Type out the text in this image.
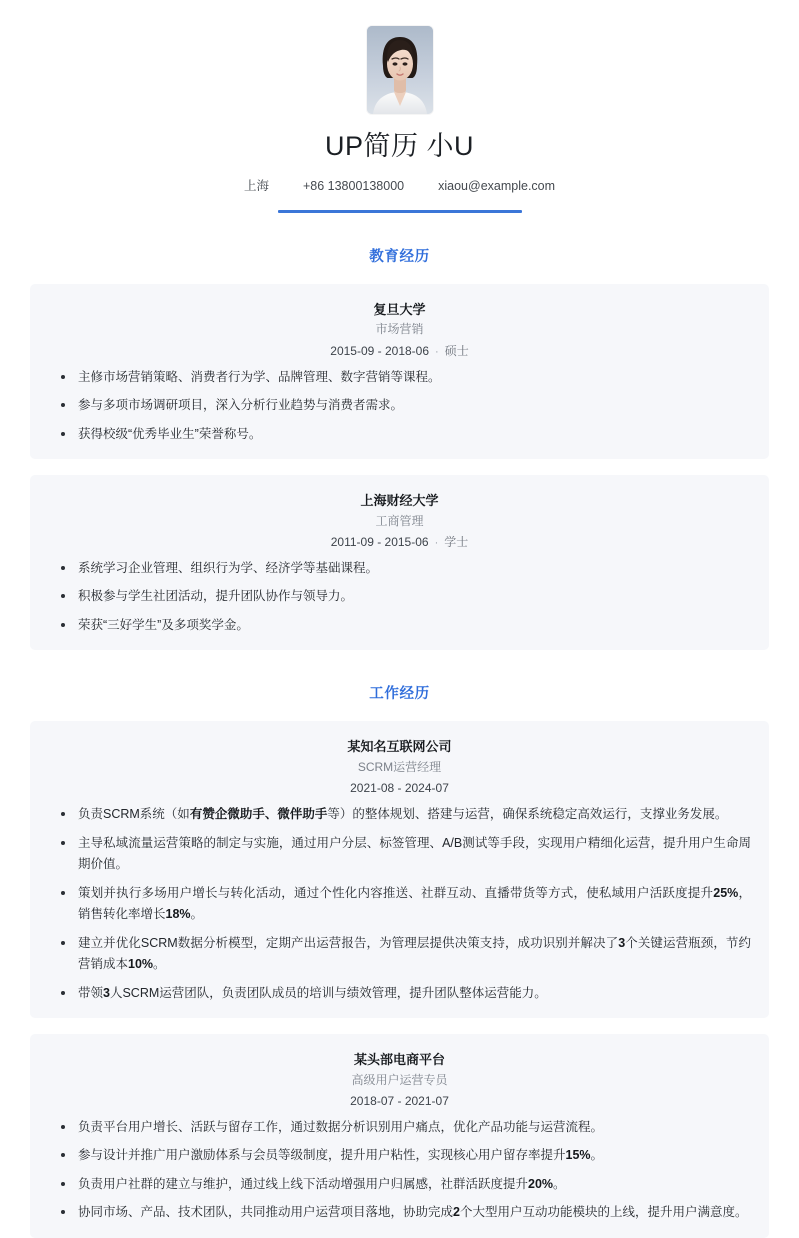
UP简历 小U
上海	+86 13800138000	xiaou@example.com
教育经历
复旦大学
市场营销
2015-09 - 2018-06 · 硕士
主修市场营销策略、消费者行为学、品牌管理、数字营销等课程。
参与多项市场调研项目，深入分析行业趋势与消费者需求。
获得校级“优秀毕业生”荣誉称号。
上海财经大学
工商管理
2011-09 - 2015-06 · 学士
系统学习企业管理、组织行为学、经济学等基础课程。
积极参与学生社团活动，提升团队协作与领导力。
荣获“三好学生”及多项奖学金。
工作经历
某知名互联网公司
SCRM运营经理
2021-08 - 2024-07
负责SCRM系统（如有赞企微助手、微伴助手等）的整体规划、搭建与运营，确保系统稳定高效运行，支撑业务发展。
主导私域流量运营策略的制定与实施，通过用户分层、标签管理、A/B测试等手段，实现用户精细化运营，提升用户生命周期价值。
策划并执行多场用户增长与转化活动，通过个性化内容推送、社群互动、直播带货等方式，使私域用户活跃度提升25%，销售转化率增长18%。
建立并优化SCRM数据分析模型，定期产出运营报告，为管理层提供决策支持，成功识别并解决了3个关键运营瓶颈，节约营销成本10%。
带领3人SCRM运营团队，负责团队成员的培训与绩效管理，提升团队整体运营能力。
某头部电商平台
高级用户运营专员
2018-07 - 2021-07
负责平台用户增长、活跃与留存工作，通过数据分析识别用户痛点，优化产品功能与运营流程。
参与设计并推广用户激励体系与会员等级制度，提升用户粘性，实现核心用户留存率提升15%。
负责用户社群的建立与维护，通过线上线下活动增强用户归属感，社群活跃度提升20%。
协同市场、产品、技术团队，共同推动用户运营项目落地，协助完成2个大型用户互动功能模块的上线，提升用户满意度。
